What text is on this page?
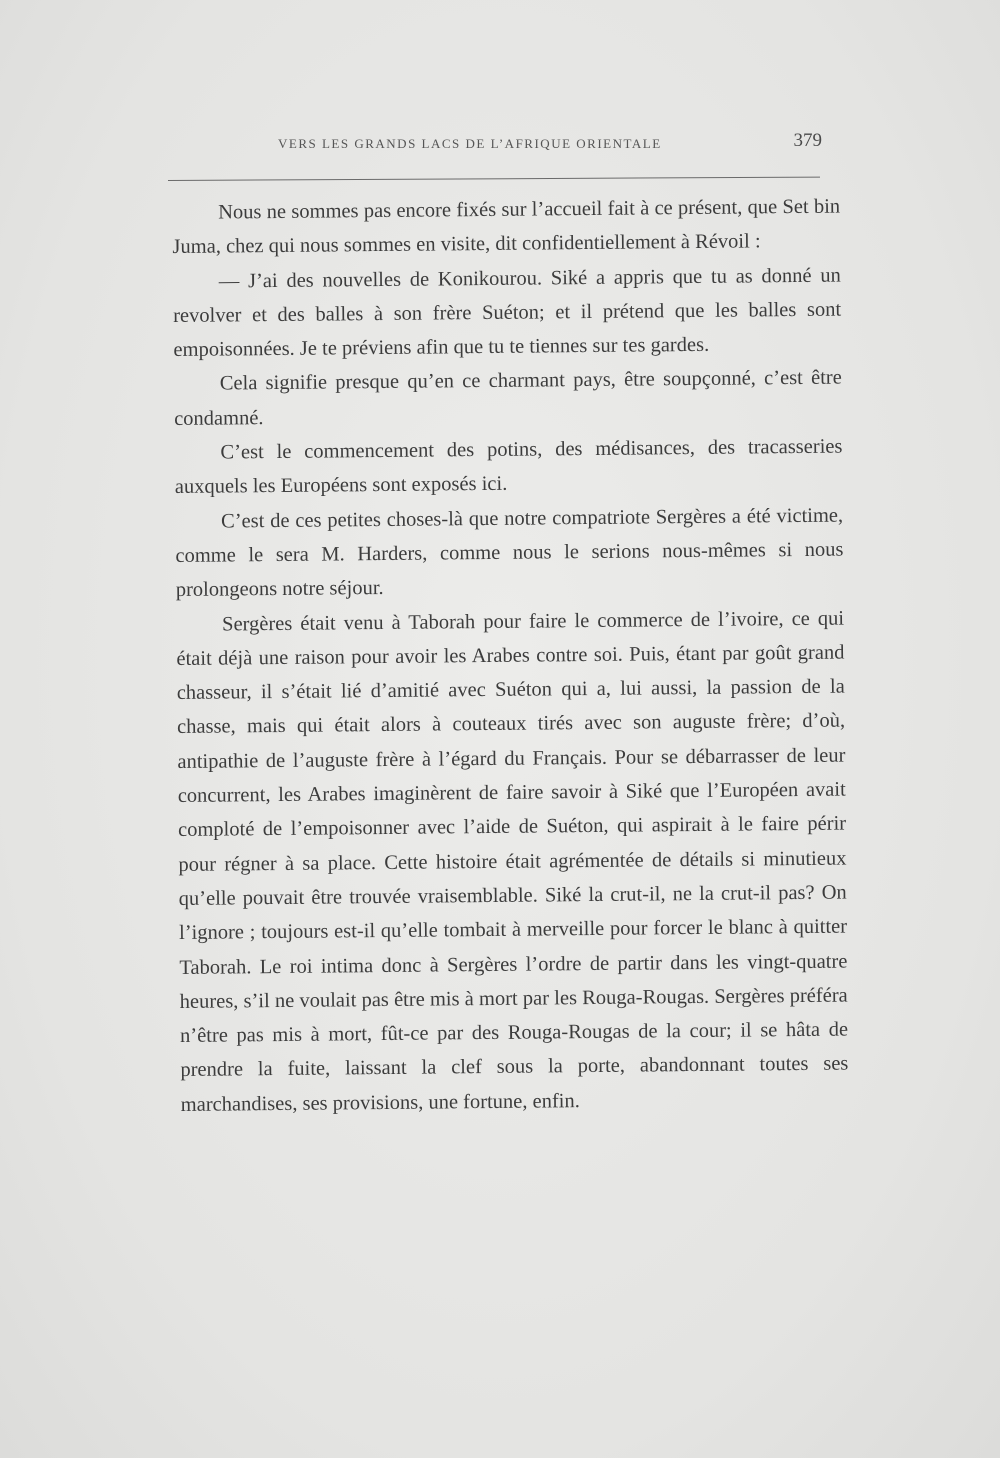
VERS LES GRANDS LACS DE L’AFRIQUE ORIENTALE	379

Nous ne sommes pas encore fixés sur l’accueil fait à ce présent, que Set bin Juma, chez qui nous sommes en visite, dit confidentiellement à Révoil :

— J’ai des nouvelles de Konikourou. Siké a appris que tu as donné un revolver et des balles à son frère Suéton; et il prétend que les balles sont empoisonnées. Je te préviens afin que tu te tiennes sur tes gardes.

Cela signifie presque qu’en ce charmant pays, être soupçonné, c’est être condamné.

C’est le commencement des potins, des médisances, des tracasseries auxquels les Européens sont exposés ici.

C’est de ces petites choses-là que notre compatriote Sergères a été victime, comme le sera M. Harders, comme nous le serions nous-mêmes si nous prolongeons notre séjour.

Sergères était venu à Taborah pour faire le commerce de l’ivoire, ce qui était déjà une raison pour avoir les Arabes contre soi. Puis, étant par goût grand chasseur, il s’était lié d’amitié avec Suéton qui a, lui aussi, la passion de la chasse, mais qui était alors à couteaux tirés avec son auguste frère; d’où, antipathie de l’auguste frère à l’égard du Français. Pour se débarrasser de leur concurrent, les Arabes imaginèrent de faire savoir à Siké que l’Européen avait comploté de l’empoisonner avec l’aide de Suéton, qui aspirait à le faire périr pour régner à sa place. Cette histoire était agrémentée de détails si minutieux qu’elle pouvait être trouvée vraisemblable. Siké la crut-il, ne la crut-il pas? On l’ignore ; toujours est-il qu’elle tombait à merveille pour forcer le blanc à quitter Taborah. Le roi intima donc à Sergères l’ordre de partir dans les vingt-quatre heures, s’il ne voulait pas être mis à mort par les Rouga-Rougas. Sergères préféra n’être pas mis à mort, fût-ce par des Rouga-Rougas de la cour; il se hâta de prendre la fuite, laissant la clef sous la porte, abandonnant toutes ses marchandises, ses provisions, une fortune, enfin.
